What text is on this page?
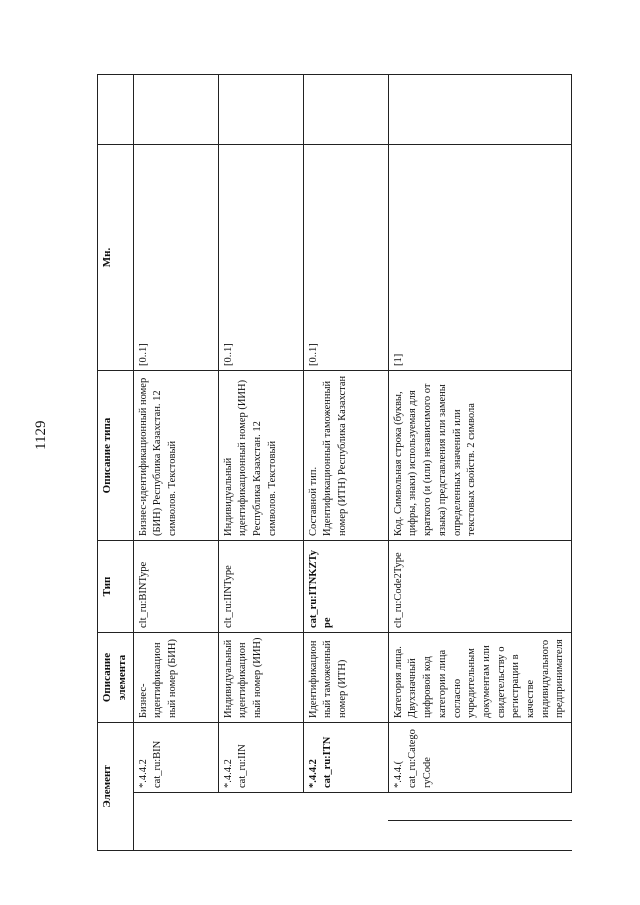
1129
Элемент			Описание элемента	Тип	Описание типа	Мн.	
		*.4.4.2 cat_ru:BIN	Бизнес-идентификационный номер (БИН)	clt_ru:BINType	Бизнес-идентификационный номер (БИН) Республика Казахстан. 12 символов. Текстовый	[0..1]	
		*.4.4.2 cat_ru:IIN	Индивидуальный идентификационный номер (ИИН)	clt_ru:IINType	Индивидуальный идентификационный номер (ИИН) Республика Казахстан. 12 символов. Текстовый	[0..1]	
		*.4.4.2 cat_ru:ITN	Идентификационный таможенный номер (ИТН)	cat_ru:ITNKZType	Составной тип. Идентификационный таможенный номер (ИТН) Республика Казахстан	[0..1]	
		*.4.4.( cat_ru:CategoryCode	Категория лица. Двухзначный цифровой код категории лица согласно учредительным документам или свидетельству о регистрации в качестве индивидуального предпринимателя	clt_ru:Code2Type	Код. Символьная строка (буквы, цифры, знаки) используемая для краткого (и (или) независимого от языка) представления или замены определенных значений или текстовых свойств. 2 символа	[1]	
